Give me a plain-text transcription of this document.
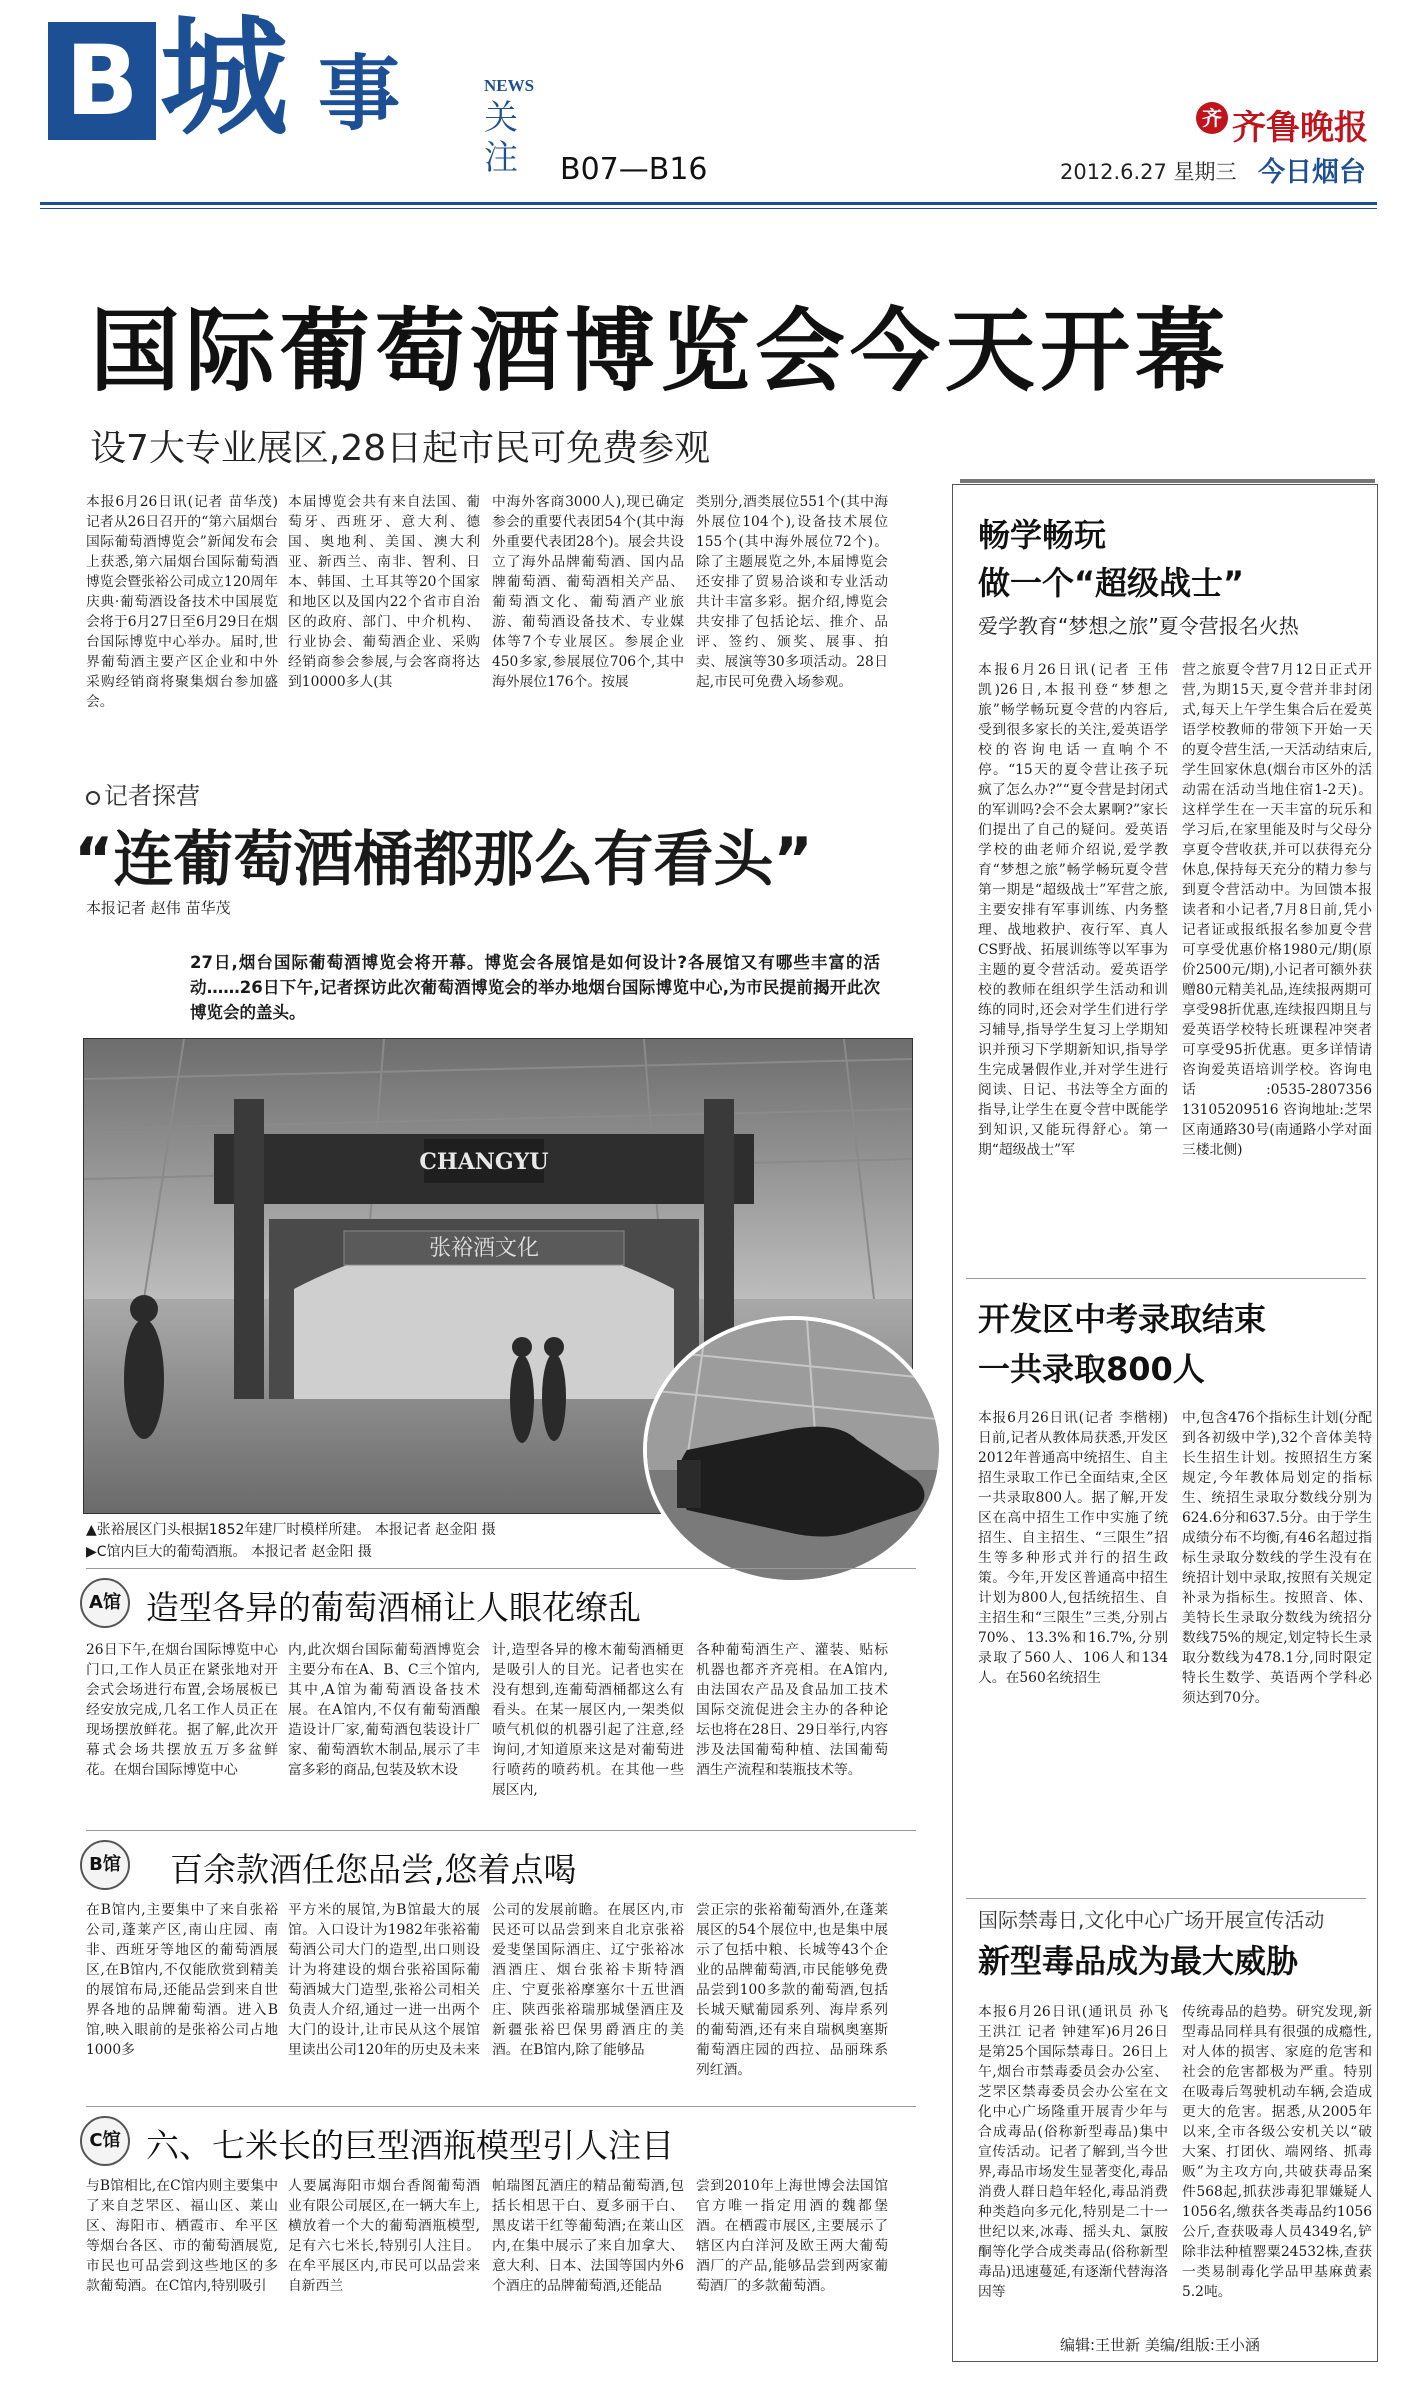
B 城 事	NEWS
关注 B07—B16
齐 齐鲁晚报
2012.6.27 星期三 今日烟台
国际葡萄酒博览会今天开幕
设7大专业展区,28日起市民可免费参观
本报6月26日讯(记者 苗华茂)记者从26日召开的“第六届烟台国际葡萄酒博览会”新闻发布会上获悉,第六届烟台国际葡萄酒博览会暨张裕公司成立120周年庆典·葡萄酒设备技术中国展览会将于6月27日至6月29日在烟台国际博览中心举办。届时,世界葡萄酒主要产区企业和中外采购经销商将聚集烟台参加盛会。
本届博览会共有来自法国、葡萄牙、西班牙、意大利、德国、奥地利、美国、澳大利亚、新西兰、南非、智利、日本、韩国、土耳其等20个国家和地区以及国内22个省市自治区的政府、部门、中介机构、行业协会、葡萄酒企业、采购经销商参会参展,与会客商将达到10000多人(其
中海外客商3000人),现已确定参会的重要代表团54个(其中海外重要代表团28个)。展会共设立了海外品牌葡萄酒、国内品牌葡萄酒、葡萄酒相关产品、葡萄酒文化、葡萄酒产业旅游、葡萄酒设备技术、专业媒体等7个专业展区。参展企业450多家,参展展位706个,其中海外展位176个。按展
类别分,酒类展位551个(其中海外展位104个),设备技术展位155个(其中海外展位72个)。除了主题展览之外,本届博览会还安排了贸易洽谈和专业活动共计丰富多彩。据介绍,博览会共安排了包括论坛、推介、品评、签约、颁奖、展事、拍卖、展演等30多项活动。28日起,市民可免费入场参观。
记者探营
“连葡萄酒桶都那么有看头”
本报记者 赵伟 苗华茂
27日,烟台国际葡萄酒博览会将开幕。博览会各展馆是如何设计?各展馆又有哪些丰富的活动……26日下午,记者探访此次葡萄酒博览会的举办地烟台国际博览中心,为市民提前揭开此次博览会的盖头。
CHANGYU
张裕酒文化
▲张裕展区门头根据1852年建厂时模样所建。 本报记者 赵金阳 摄
▶C馆内巨大的葡萄酒瓶。 本报记者 赵金阳 摄
A馆 造型各异的葡萄酒桶让人眼花缭乱
26日下午,在烟台国际博览中心门口,工作人员正在紧张地对开会式会场进行布置,会场展板已经安放完成,几名工作人员正在现场摆放鲜花。据了解,此次开幕式会场共摆放五万多盆鲜花。在烟台国际博览中心
内,此次烟台国际葡萄酒博览会主要分布在A、B、C三个馆内,其中,A馆为葡萄酒设备技术展。在A馆内,不仅有葡萄酒酿造设计厂家,葡萄酒包装设计厂家、葡萄酒软木制品,展示了丰富多彩的商品,包装及软木设
计,造型各异的橡木葡萄酒桶更是吸引人的目光。记者也实在没有想到,连葡萄酒桶都这么有看头。在某一展区内,一架类似喷气机似的机器引起了注意,经询问,才知道原来这是对葡萄进行喷药的喷药机。在其他一些展区内,
各种葡萄酒生产、灌装、贴标机器也都齐齐亮相。在A馆内,由法国农产品及食品加工技术国际交流促进会主办的各种论坛也将在28日、29日举行,内容涉及法国葡萄种植、法国葡萄酒生产流程和装瓶技术等。
B馆 百余款酒任您品尝,悠着点喝
在B馆内,主要集中了来自张裕公司,蓬莱产区,南山庄园、南非、西班牙等地区的葡萄酒展区,在B馆内,不仅能欣赏到精美的展馆布局,还能品尝到来自世界各地的品牌葡萄酒。进入B馆,映入眼前的是张裕公司占地1000多
平方米的展馆,为B馆最大的展馆。入口设计为1982年张裕葡萄酒公司大门的造型,出口则设计为将建设的烟台张裕国际葡萄酒城大门造型,张裕公司相关负责人介绍,通过一进一出两个大门的设计,让市民从这个展馆里读出公司120年的历史及未来
公司的发展前瞻。在展区内,市民还可以品尝到来自北京张裕爱斐堡国际酒庄、辽宁张裕冰酒酒庄、烟台张裕卡斯特酒庄、宁夏张裕摩塞尔十五世酒庄、陕西张裕瑞那城堡酒庄及新疆张裕巴保男爵酒庄的美酒。在B馆内,除了能够品
尝正宗的张裕葡萄酒外,在蓬莱展区的54个展位中,也是集中展示了包括中粮、长城等43个企业的品牌葡萄酒,市民能够免费品尝到100多款的葡萄酒,包括长城天赋葡园系列、海岸系列的葡萄酒,还有来自瑞枫奥塞斯葡萄酒庄园的西拉、品丽珠系列红酒。
C馆 六、七米长的巨型酒瓶模型引人注目
与B馆相比,在C馆内则主要集中了来自芝罘区、福山区、莱山区、海阳市、栖霞市、牟平区等烟台各区、市的葡萄酒展览,市民也可品尝到这些地区的多款葡萄酒。在C馆内,特别吸引
人要属海阳市烟台香阁葡萄酒业有限公司展区,在一辆大车上,横放着一个大的葡萄酒瓶模型,足有六七米长,特别引人注目。在牟平展区内,市民可以品尝来自新西兰
帕瑞图瓦酒庄的精品葡萄酒,包括长相思干白、夏多丽干白、黑皮诺干红等葡萄酒;在莱山区内,在集中展示了来自加拿大、意大利、日本、法国等国内外6个酒庄的品牌葡萄酒,还能品
尝到2010年上海世博会法国馆官方唯一指定用酒的魏都堡酒。在栖霞市展区,主要展示了辖区内白洋河及欧王两大葡萄酒厂的产品,能够品尝到两家葡萄酒厂的多款葡萄酒。
畅学畅玩
做一个“超级战士”
爱学教育“梦想之旅”夏令营报名火热
本报6月26日讯(记者 王伟凯)26日,本报刊登“梦想之旅”畅学畅玩夏令营的内容后,受到很多家长的关注,爱英语学校的咨询电话一直响个不停。“15天的夏令营让孩子玩疯了怎么办?”“夏令营是封闭式的军训吗?会不会太累啊?”家长们提出了自己的疑问。爱英语学校的曲老师介绍说,爱学教育“梦想之旅”畅学畅玩夏令营第一期是“超级战士”军营之旅,主要安排有军事训练、内务整理、战地救护、夜行军、真人CS野战、拓展训练等以军事为主题的夏令营活动。爱英语学校的教师在组织学生活动和训练的同时,还会对学生们进行学习辅导,指导学生复习上学期知识并预习下学期新知识,指导学生完成暑假作业,并对学生进行阅读、日记、书法等全方面的指导,让学生在夏令营中既能学到知识,又能玩得舒心。第一期“超级战士”军
营之旅夏令营7月12日正式开营,为期15天,夏令营并非封闭式,每天上午学生集合后在爱英语学校教师的带领下开始一天的夏令营生活,一天活动结束后,学生回家休息(烟台市区外的活动需在活动当地住宿1-2天)。这样学生在一天丰富的玩乐和学习后,在家里能及时与父母分享夏令营收获,并可以获得充分休息,保持每天充分的精力参与到夏令营活动中。为回馈本报读者和小记者,7月8日前,凭小记者证或报纸报名参加夏令营可享受优惠价格1980元/期(原价2500元/期),小记者可额外获赠80元精美礼品,连续报两期可享受98折优惠,连续报四期且与爱英语学校特长班课程冲突者可享受95折优惠。更多详情请咨询爱英语培训学校。咨询电话:0535-2807356 13105209516 咨询地址:芝罘区南通路30号(南通路小学对面三楼北侧)
开发区中考录取结束
一共录取800人
本报6月26日讯(记者 李楷栩)日前,记者从教体局获悉,开发区2012年普通高中统招生、自主招生录取工作已全面结束,全区一共录取800人。据了解,开发区在高中招生工作中实施了统招生、自主招生、“三限生”招生等多种形式并行的招生政策。今年,开发区普通高中招生计划为800人,包括统招生、自主招生和“三限生”三类,分别占70%、13.3%和16.7%,分别录取了560人、106人和134人。在560名统招生
中,包含476个指标生计划(分配到各初级中学),32个音体美特长生招生计划。按照招生方案规定,今年教体局划定的指标生、统招生录取分数线分别为624.6分和637.5分。由于学生成绩分布不均衡,有46名超过指标生录取分数线的学生没有在统招计划中录取,按照有关规定补录为指标生。按照音、体、美特长生录取分数线为统招分数线75%的规定,划定特长生录取分数线为478.1分,同时限定特长生数学、英语两个学科必须达到70分。
国际禁毒日,文化中心广场开展宣传活动
新型毒品成为最大威胁
本报6月26日讯(通讯员 孙飞 王洪江 记者 钟建军)6月26日是第25个国际禁毒日。26日上午,烟台市禁毒委员会办公室、芝罘区禁毒委员会办公室在文化中心广场隆重开展青少年与合成毒品(俗称新型毒品)集中宣传活动。记者了解到,当今世界,毒品市场发生显著变化,毒品消费人群日趋年轻化,毒品消费种类趋向多元化,特别是二十一世纪以来,冰毒、摇头丸、氯胺酮等化学合成类毒品(俗称新型毒品)迅速蔓延,有逐渐代替海洛因等
传统毒品的趋势。研究发现,新型毒品同样具有很强的成瘾性,对人体的损害、家庭的危害和社会的危害都极为严重。特别在吸毒后驾驶机动车辆,会造成更大的危害。据悉,从2005年以来,全市各级公安机关以“破大案、打团伙、端网络、抓毒贩”为主攻方向,共破获毒品案件568起,抓获涉毒犯罪嫌疑人1056名,缴获各类毒品约1056公斤,查获吸毒人员4349名,铲除非法种植罂粟24532株,查获一类易制毒化学品甲基麻黄素5.2吨。
编辑:王世新 美编/组版:王小涵
